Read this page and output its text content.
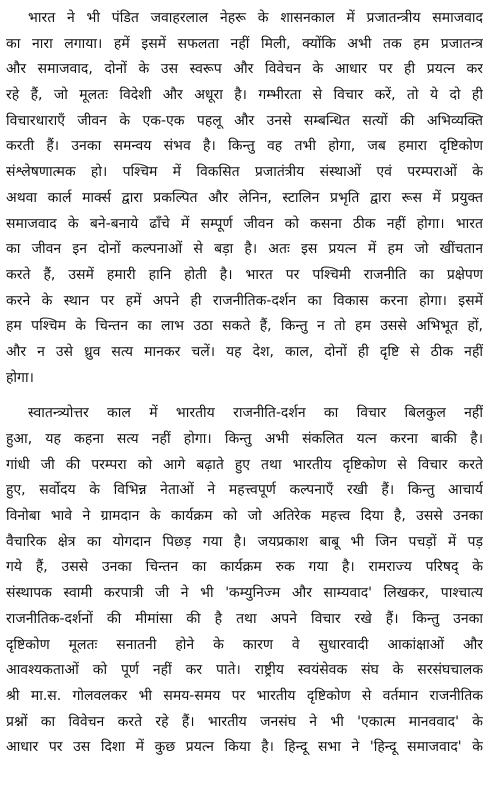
भारत ने भी पंडित जवाहरलाल नेहरू के शासनकाल में प्रजातन्त्रीय समाजवाद
का नारा लगाया। हमें इसमें सफलता नहीं मिली, क्योंकि अभी तक हम प्रजातन्त्र
और समाजवाद, दोनों के उस स्वरूप और विवेचन के आधार पर ही प्रयत्न कर
रहे हैं, जो मूलतः विदेशी और अधूरा है। गम्भीरता से विचार करें, तो ये दो ही
विचारधाराएँ जीवन के एक-एक पहलू और उनसे सम्बन्धित सत्यों की अभिव्यक्ति
करती हैं। उनका समन्वय संभव है। किन्तु वह तभी होगा, जब हमारा दृष्टिकोण
संश्लेषणात्मक हो। पश्चिम में विकसित प्रजातंत्रीय संस्थाओं एवं परम्पराओं के
अथवा कार्ल मार्क्स द्वारा प्रकल्पित और लेनिन, स्टालिन प्रभृति द्वारा रूस में प्रयुक्त
समाजवाद के बने-बनाये ढाँचे में सम्पूर्ण जीवन को कसना ठीक नहीं होगा। भारत
का जीवन इन दोनों कल्पनाओं से बड़ा है। अतः इस प्रयत्न में हम जो खींचतान
करते हैं, उसमें हमारी हानि होती है। भारत पर पश्चिमी राजनीति का प्रक्षेपण
करने के स्थान पर हमें अपने ही राजनीतिक-दर्शन का विकास करना होगा। इसमें
हम पश्चिम के चिन्तन का लाभ उठा सकते हैं, किन्तु न तो हम उससे अभिभूत हों,
और न उसे ध्रुव सत्य मानकर चलें। यह देश, काल, दोनों ही दृष्टि से ठीक नहीं
होगा।
स्वातन्त्र्योत्तर काल में भारतीय राजनीति-दर्शन का विचार बिलकुल नहीं
हुआ, यह कहना सत्य नहीं होगा। किन्तु अभी संकलित यत्न करना बाकी है।
गांधी जी की परम्परा को आगे बढ़ाते हुए तथा भारतीय दृष्टिकोण से विचार करते
हुए, सर्वोदय के विभिन्न नेताओं ने महत्त्वपूर्ण कल्पनाएँ रखी हैं। किन्तु आचार्य
विनोबा भावे ने ग्रामदान के कार्यक्रम को जो अतिरेक महत्त्व दिया है, उससे उनका
वैचारिक क्षेत्र का योगदान पिछड़ गया है। जयप्रकाश बाबू भी जिन पचड़ों में पड़
गये हैं, उससे उनका चिन्तन का कार्यक्रम रुक गया है। रामराज्य परिषद् के
संस्थापक स्वामी करपात्री जी ने भी 'कम्युनिज्म और साम्यवाद' लिखकर, पाश्चात्य
राजनीतिक-दर्शनों की मीमांसा की है तथा अपने विचार रखे हैं। किन्तु उनका
दृष्टिकोण मूलतः सनातनी होने के कारण वे सुधारवादी आकांक्षाओं और
आवश्यकताओं को पूर्ण नहीं कर पाते। राष्ट्रीय स्वयंसेवक संघ के सरसंघचालक
श्री मा.स. गोलवलकर भी समय-समय पर भारतीय दृष्टिकोण से वर्तमान राजनीतिक
प्रश्नों का विवेचन करते रहे हैं। भारतीय जनसंघ ने भी 'एकात्म मानववाद' के
आधार पर उस दिशा में कुछ प्रयत्न किया है। हिन्दू सभा ने 'हिन्दू समाजवाद' के
